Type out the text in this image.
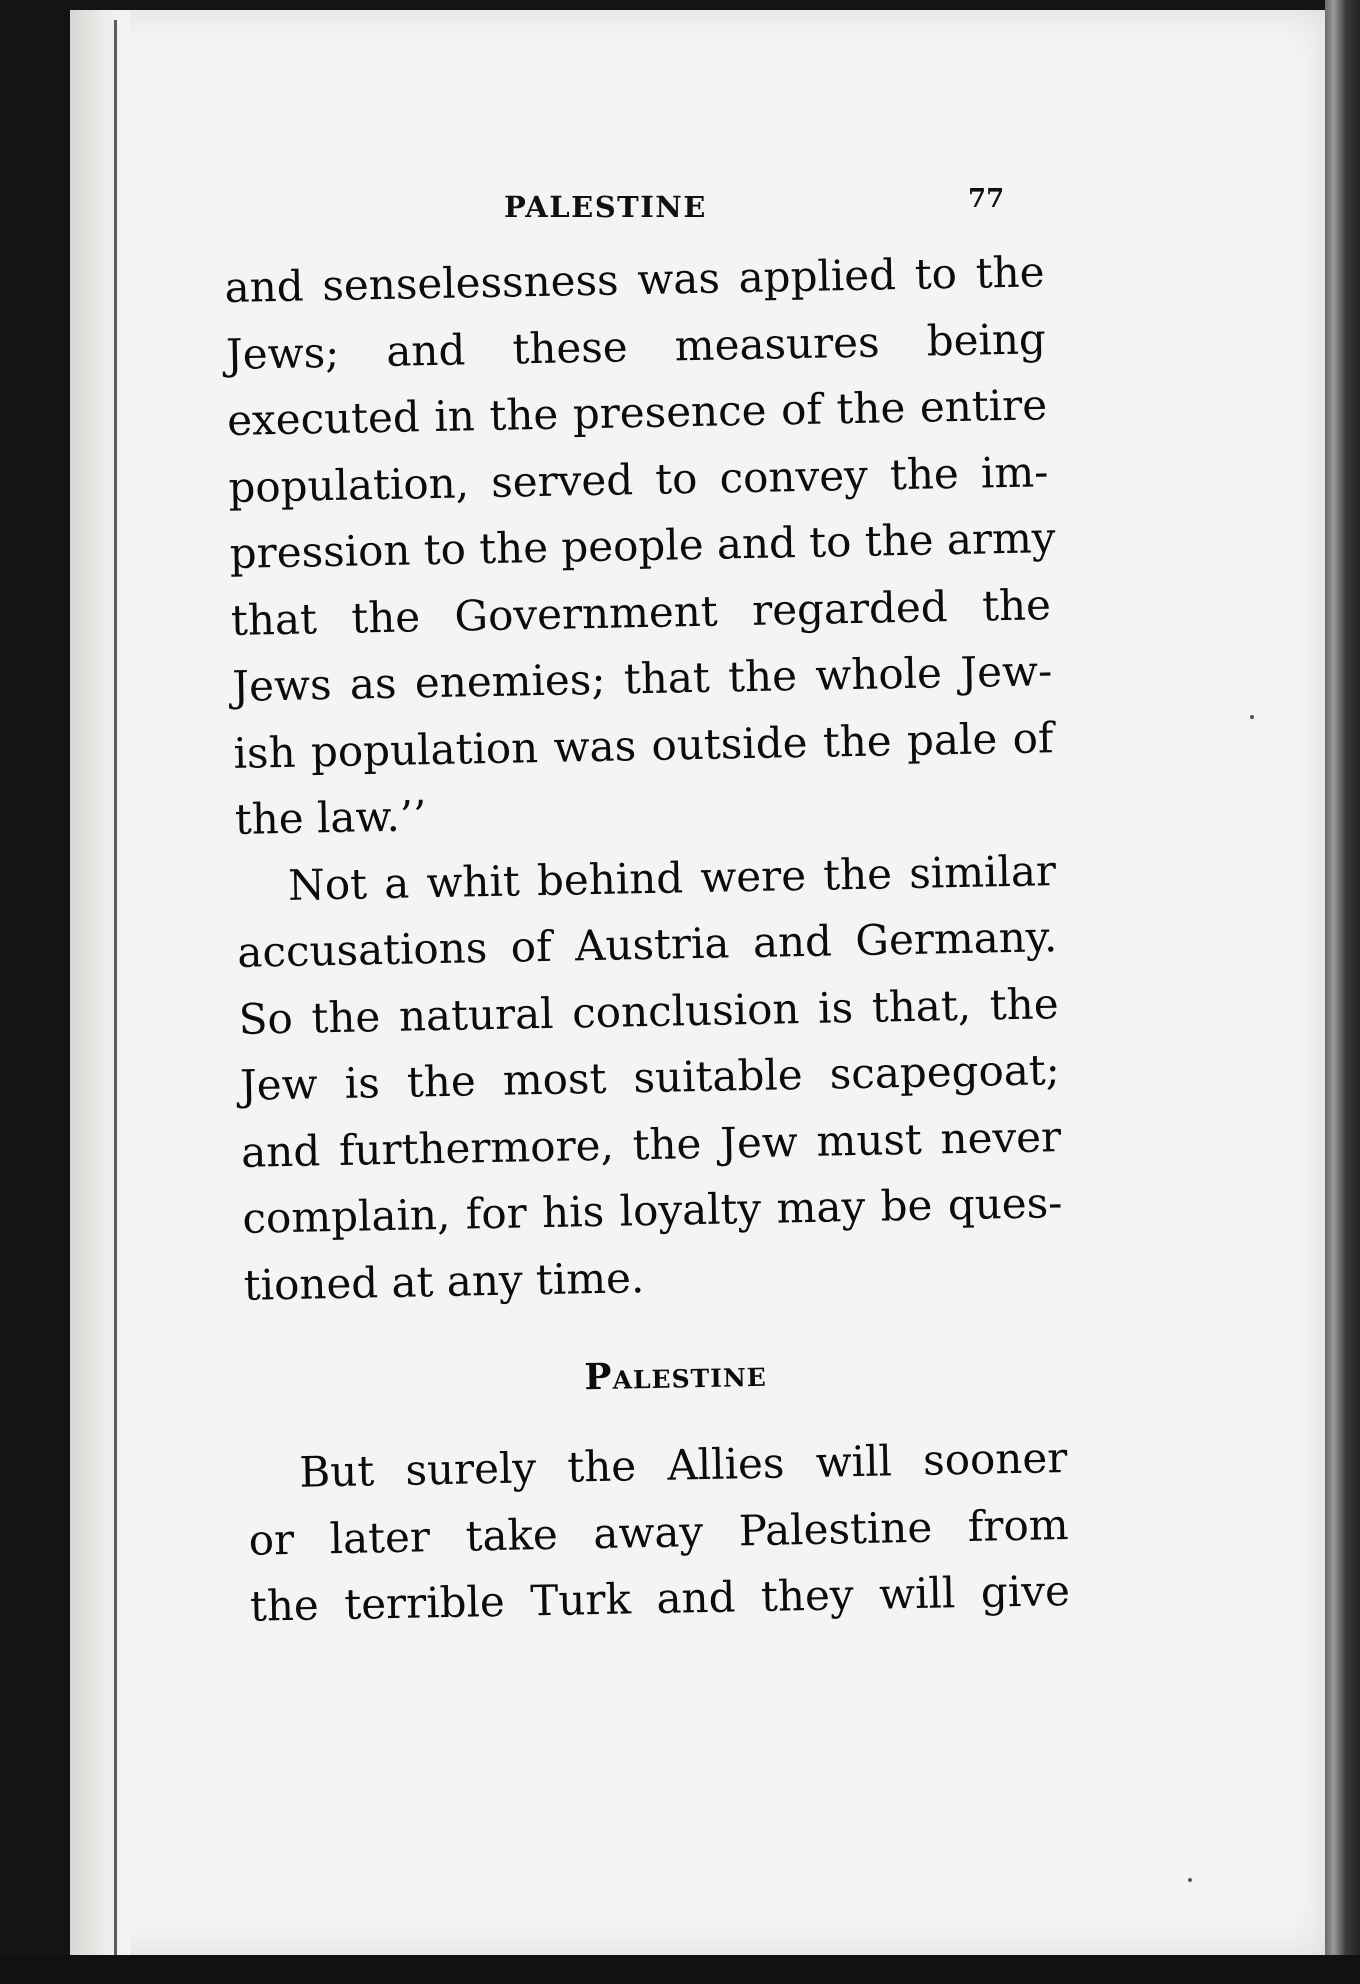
PALESTINE	77
and senselessness was applied to the
Jews; and these measures being
executed in the presence of the entire
population, served to convey the im-
pression to the people and to the army
that the Government regarded the
Jews as enemies; that the whole Jew-
ish population was outside the pale of
the law.’’
Not a whit behind were the similar
accusations of Austria and Germany.
So the natural conclusion is that, the
Jew is the most suitable scapegoat;
and furthermore, the Jew must never
complain, for his loyalty may be ques-
tioned at any time.
Palestine
But surely the Allies will sooner
or later take away Palestine from
the terrible Turk and they will give
